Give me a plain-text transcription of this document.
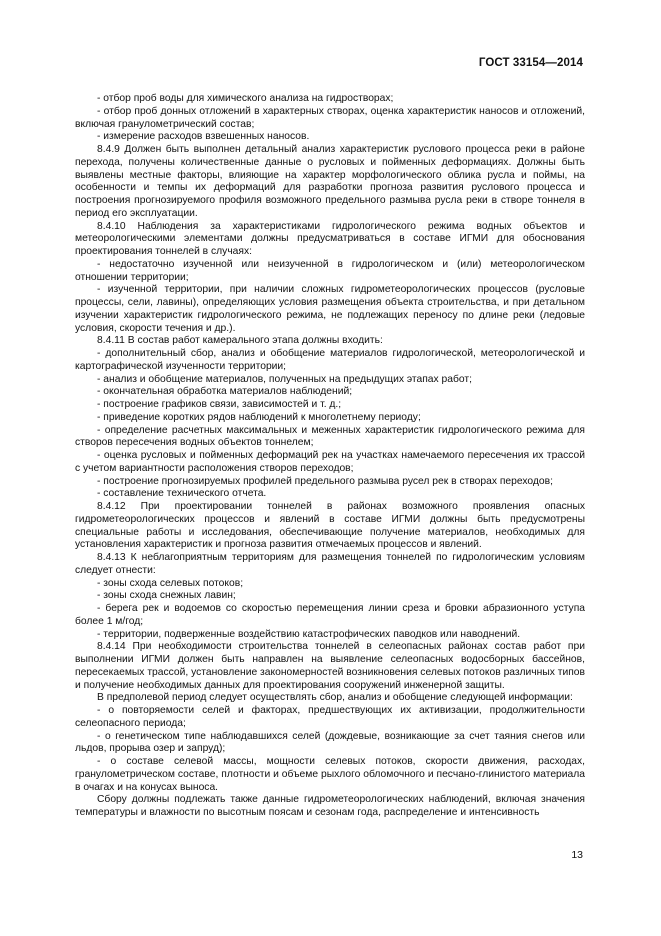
ГОСТ 33154—2014

- отбор проб воды для химического анализа на гидростворах;

- отбор проб донных отложений в характерных створах, оценка характеристик наносов и отложений, включая гранулометрический состав;

- измерение расходов взвешенных наносов.

8.4.9 Должен быть выполнен детальный анализ характеристик руслового процесса реки в районе перехода, получены количественные данные о русловых и пойменных деформациях. Должны быть выявлены местные факторы, влияющие на характер морфологического облика русла и поймы, на особенности и темпы их деформаций для разработки прогноза развития руслового процесса и построения прогнозируемого профиля возможного предельного размыва русла реки в створе тоннеля в период его эксплуатации.

8.4.10 Наблюдения за характеристиками гидрологического режима водных объектов и метеорологическими элементами должны предусматриваться в составе ИГМИ для обоснования проектирования тоннелей в случаях:

- недостаточно изученной или неизученной в гидрологическом и (или) метеорологическом отношении территории;

- изученной территории, при наличии сложных гидрометеорологических процессов (русловые процессы, сели, лавины), определяющих условия размещения объекта строительства, и при детальном изучении характеристик гидрологического режима, не подлежащих переносу по длине реки (ледовые условия, скорости течения и др.).

8.4.11 В состав работ камерального этапа должны входить:

- дополнительный сбор, анализ и обобщение материалов гидрологической, метеорологической и картографической изученности территории;

- анализ и обобщение материалов, полученных на предыдущих этапах работ;

- окончательная обработка материалов наблюдений;

- построение графиков связи, зависимостей и т. д.;

- приведение коротких рядов наблюдений к многолетнему периоду;

- определение расчетных максимальных и меженных характеристик гидрологического режима для створов пересечения водных объектов тоннелем;

- оценка русловых и пойменных деформаций рек на участках намечаемого пересечения их трассой с учетом вариантности расположения створов переходов;

- построение прогнозируемых профилей предельного размыва русел рек в створах переходов;

- составление технического отчета.

8.4.12 При проектировании тоннелей в районах возможного проявления опасных гидрометеорологических процессов и явлений в составе ИГМИ должны быть предусмотрены специальные работы и исследования, обеспечивающие получение материалов, необходимых для установления характеристик и прогноза развития отмечаемых процессов и явлений.

8.4.13 К неблагоприятным территориям для размещения тоннелей по гидрологическим условиям следует отнести:

- зоны схода селевых потоков;

- зоны схода снежных лавин;

- берега рек и водоемов со скоростью перемещения линии среза и бровки абразионного уступа более 1 м/год;

- территории, подверженные воздействию катастрофических паводков или наводнений.

8.4.14 При необходимости строительства тоннелей в селеопасных районах состав работ при выполнении ИГМИ должен быть направлен на выявление селеопасных водосборных бассейнов, пересекаемых трассой, установление закономерностей возникновения селевых потоков различных типов и получение необходимых данных для проектирования сооружений инженерной защиты.

В предполевой период следует осуществлять сбор, анализ и обобщение следующей информации:

- о повторяемости селей и факторах, предшествующих их активизации, продолжительности селеопасного периода;

- о генетическом типе наблюдавшихся селей (дождевые, возникающие за счет таяния снегов или льдов, прорыва озер и запруд);

- о составе селевой массы, мощности селевых потоков, скорости движения, расходах, гранулометрическом составе, плотности и объеме рыхлого обломочного и песчано-глинистого материала в очагах и на конусах выноса.

Сбору должны подлежать также данные гидрометеорологических наблюдений, включая значения температуры и влажности по высотным поясам и сезонам года, распределение и интенсивность

13
